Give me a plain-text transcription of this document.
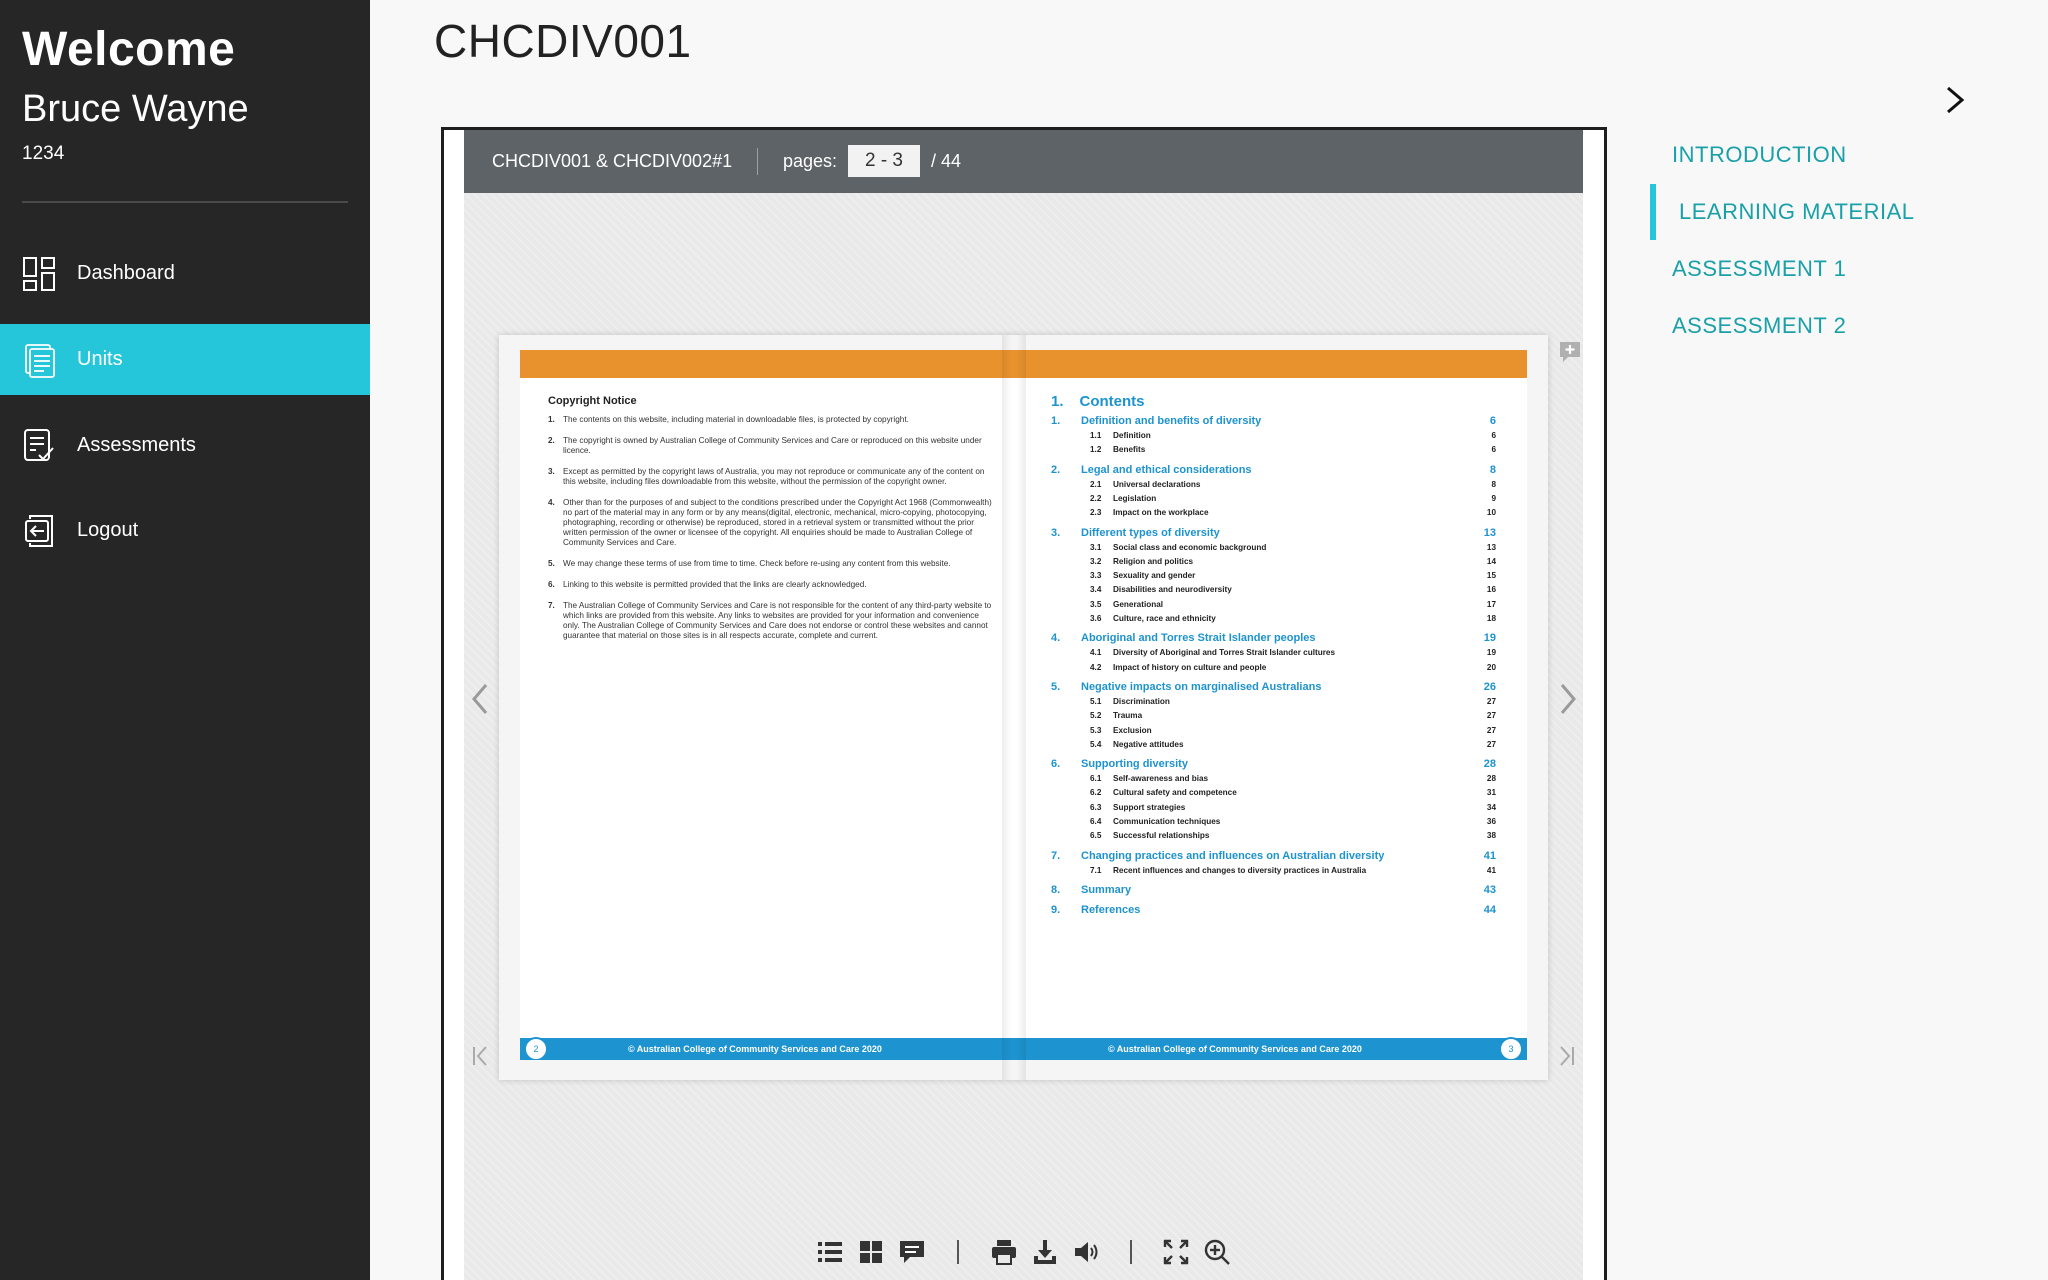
Welcome
Bruce Wayne
1234
Dashboard
Units
Assessments
Logout
CHCDIV001
CHCDIV001 & CHCDIV002#1	pages:
2 - 3	/ 44
Copyright Notice
1. The contents on this website, including material in downloadable files, is protected by copyright.
2. The copyright is owned by Australian College of Community Services and Care or reproduced on this website under licence.
3. Except as permitted by the copyright laws of Australia, you may not reproduce or communicate any of the content on this website, including files downloadable from this website, without the permission of the copyright owner.
4. Other than for the purposes of and subject to the conditions prescribed under the Copyright Act 1968 (Commonwealth) no part of the material may in any form or by any means(digital, electronic, mechanical, micro-copying, photocopying, photographing, recording or otherwise) be reproduced, stored in a retrieval system or transmitted without the prior written permission of the owner or licensee of the copyright. All enquiries should be made to Australian College of Community Services and Care.
5. We may change these terms of use from time to time. Check before re-using any content from this website.
6. Linking to this website is permitted provided that the links are clearly acknowledged.
7. The Australian College of Community Services and Care is not responsible for the content of any third-party website to which links are provided from this website. Any links to websites are provided for your information and convenience only. The Australian College of Community Services and Care does not endorse or control these websites and cannot guarantee that material on those sites is in all respects accurate, complete and current.
© Australian College of Community Services and Care 2020
2
1. Contents
1. Definition and benefits of diversity	6
1.1 Definition	6
1.2 Benefits	6
2. Legal and ethical considerations	8
2.1 Universal declarations	8
2.2 Legislation	9
2.3 Impact on the workplace	10
3. Different types of diversity	13
3.1 Social class and economic background	13
3.2 Religion and politics	14
3.3 Sexuality and gender	15
3.4 Disabilities and neurodiversity	16
3.5 Generational	17
3.6 Culture, race and ethnicity	18
4. Aboriginal and Torres Strait Islander peoples	19
4.1 Diversity of Aboriginal and Torres Strait Islander cultures	19
4.2 Impact of history on culture and people	20
5. Negative impacts on marginalised Australians	26
5.1 Discrimination	27
5.2 Trauma	27
5.3 Exclusion	27
5.4 Negative attitudes	27
6. Supporting diversity	28
6.1 Self-awareness and bias	28
6.2 Cultural safety and competence	31
6.3 Support strategies	34
6.4 Communication techniques	36
6.5 Successful relationships	38
7. Changing practices and influences on Australian diversity	41
7.1 Recent influences and changes to diversity practices in Australia	41
8. Summary	43
9. References	44
© Australian College of Community Services and Care 2020	3
INTRODUCTION
LEARNING MATERIAL
ASSESSMENT 1
ASSESSMENT 2
